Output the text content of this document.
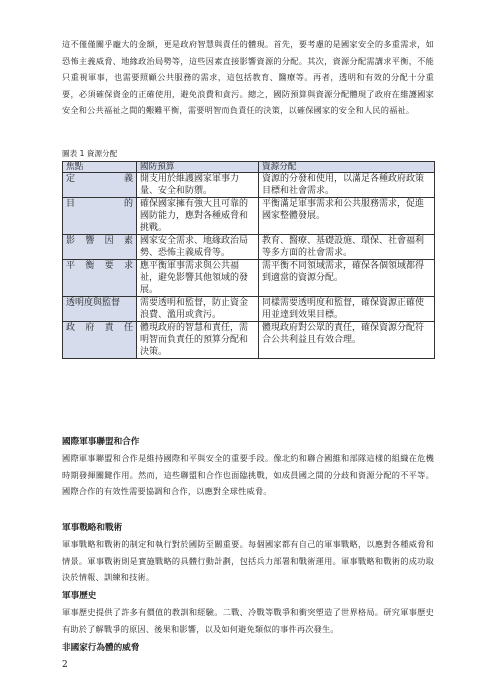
這不僅僅關乎龐大的金額，更是政府智慧與責任的體現。首先，要考慮的是國家安全的多重需求，如恐怖主義威脅、地緣政治局勢等，這些因素直接影響資源的分配。其次，資源分配需講求平衡，不能只重視軍事，也需要照顧公共服務的需求，這包括教育、醫療等。再者，透明和有效的分配十分重要，必須確保資金的正確使用，避免浪費和貪污。總之，國防預算與資源分配體現了政府在維護國家安全和公共福祉之間的艱難平衡，需要明智而負責任的決策，以確保國家的安全和人民的福祉。

圖表 1 資源分配
焦點	國防預算	資源分配
定義	開支用於維護國家軍事力量、安全和防禦。	資源的分發和使用，以滿足各種政府政策目標和社會需求。
目的	確保國家擁有強大且可靠的國防能力，應對各種威脅和挑戰。	平衡滿足軍事需求和公共服務需求，促進國家整體發展。
影響因素	國家安全需求、地緣政治局勢、恐怖主義威脅等。	教育、醫療、基礎設施、環保、社會福利等多方面的社會需求。
平衡要求	應平衡軍事需求與公共福祉，避免影響其他領域的發展。	需平衡不同領域需求，確保各個領域都得到適當的資源分配。
透明度與監督	需要透明和監督，防止資金浪費、濫用或貪污。	同樣需要透明度和監督，確保資源正確使用並達到效果目標。
政府責任	體現政府的智慧和責任，需明智而負責任的預算分配和決策。	體現政府對公眾的責任，確保資源分配符合公共利益且有效合理。

國際軍事聯盟和合作

國際軍事聯盟和合作是維持國際和平與安全的重要手段。像北約和聯合國維和部隊這樣的組織在危機時期發揮關鍵作用。然而，這些聯盟和合作也面臨挑戰，如成員國之間的分歧和資源分配的不平等。國際合作的有效性需要協調和合作，以應對全球性威脅。

軍事戰略和戰術

軍事戰略和戰術的制定和執行對於國防至關重要。每個國家都有自己的軍事戰略，以應對各種威脅和情景。軍事戰術則是實施戰略的具體行動計劃，包括兵力部署和戰術運用。軍事戰略和戰術的成功取決於情報、訓練和技術。

軍事歷史

軍事歷史提供了許多有價值的教訓和經驗。二戰、冷戰等戰爭和衝突塑造了世界格局。研究軍事歷史有助於了解戰爭的原因、後果和影響，以及如何避免類似的事件再次發生。

非國家行為體的威脅

2
